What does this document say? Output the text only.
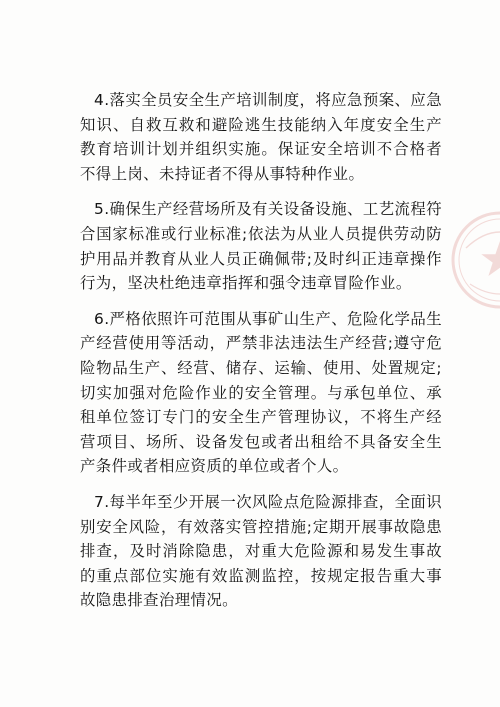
4.落实全员安全生产培训制度，将应急预案、应急知识、自救互救和避险逃生技能纳入年度安全生产教育培训计划并组织实施。保证安全培训不合格者不得上岗、未持证者不得从事特种作业。

5.确保生产经营场所及有关设备设施、工艺流程符合国家标准或行业标准;依法为从业人员提供劳动防护用品并教育从业人员正确佩带;及时纠正违章操作行为，坚决杜绝违章指挥和强令违章冒险作业。

6.严格依照许可范围从事矿山生产、危险化学品生产经营使用等活动，严禁非法违法生产经营;遵守危险物品生产、经营、储存、运输、使用、处置规定;切实加强对危险作业的安全管理。与承包单位、承租单位签订专门的安全生产管理协议，不将生产经营项目、场所、设备发包或者出租给不具备安全生产条件或者相应资质的单位或者个人。

7.每半年至少开展一次风险点危险源排查，全面识别安全风险，有效落实管控措施;定期开展事故隐患排查，及时消除隐患，对重大危险源和易发生事故的重点部位实施有效监测监控，按规定报告重大事故隐患排查治理情况。
